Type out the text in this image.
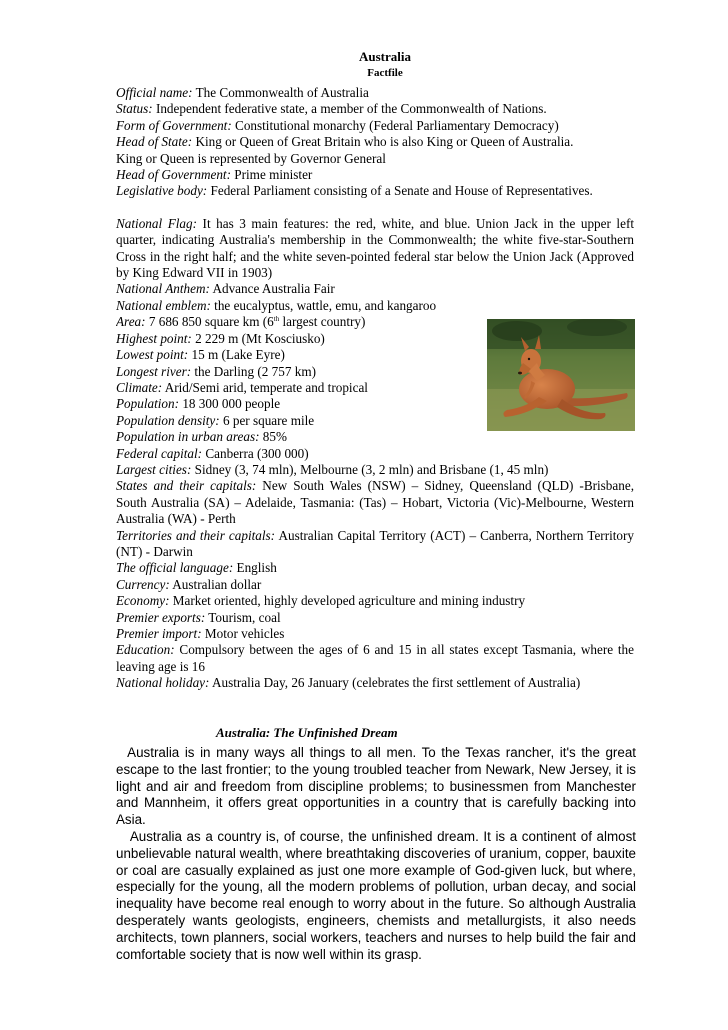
Australia
Factfile
Official name: The Commonwealth of Australia
Status: Independent federative state, a member of the Commonwealth of Nations.
Form of Government: Constitutional monarchy (Federal Parliamentary Democracy)
Head of State: King or Queen of Great Britain who is also King or Queen of Australia.
King or Queen is represented by Governor General
Head of Government: Prime minister
Legislative body: Federal Parliament consisting of a Senate and House of Representatives.
National Flag: It has 3 main features: the red, white, and blue. Union Jack in the upper left quarter, indicating Australia's membership in the Commonwealth; the white five-star-Southern Cross in the right half; and the white seven-pointed federal star below the Union Jack (Approved by King Edward VII in 1903)
National Anthem: Advance Australia Fair
National emblem: the eucalyptus, wattle, emu, and kangaroo
Area: 7 686 850 square km (6th largest country)
Highest point: 2 229 m (Mt Kosciusko)
Lowest point: 15 m (Lake Eyre)
Longest river: the Darling (2 757 km)
Climate: Arid/Semi arid, temperate and tropical
Population: 18 300 000 people
Population density: 6 per square mile
Population in urban areas: 85%
Federal capital: Canberra (300 000)
Largest cities: Sidney (3, 74 mln), Melbourne (3, 2 mln) and Brisbane (1, 45 mln)
States and their capitals: New South Wales (NSW) – Sidney, Queensland (QLD) -Brisbane, South Australia (SA) – Adelaide, Tasmania: (Tas) – Hobart, Victoria (Vic)-Melbourne, Western Australia (WA) - Perth
Territories and their capitals: Australian Capital Territory (ACT) – Canberra, Northern Territory (NT) - Darwin
The official language: English
Currency: Australian dollar
Economy: Market oriented, highly developed agriculture and mining industry
Premier exports: Tourism, coal
Premier import: Motor vehicles
Education: Compulsory between the ages of 6 and 15 in all states except Tasmania, where the leaving age is 16
National holiday: Australia Day, 26 January (celebrates the first settlement of Australia)
Australia: The Unfinished Dream

Australia is in many ways all things to all men. To the Texas rancher, it's the great escape to the last frontier; to the young troubled teacher from Newark, New Jersey, it is light and air and freedom from discipline problems; to businessmen from Manchester and Mannheim, it offers great opportunities in a country that is carefully backing into Asia.

Australia as a country is, of course, the unfinished dream. It is a continent of almost unbelievable natural wealth, where breathtaking discoveries of uranium, copper, bauxite or coal are casually explained as just one more example of God-given luck, but where, especially for the young, all the modern problems of pollution, urban decay, and social inequality have become real enough to worry about in the future. So although Australia desperately wants geologists, engineers, chemists and metallurgists, it also needs architects, town planners, social workers, teachers and nurses to help build the fair and comfortable society that is now well within its grasp.
